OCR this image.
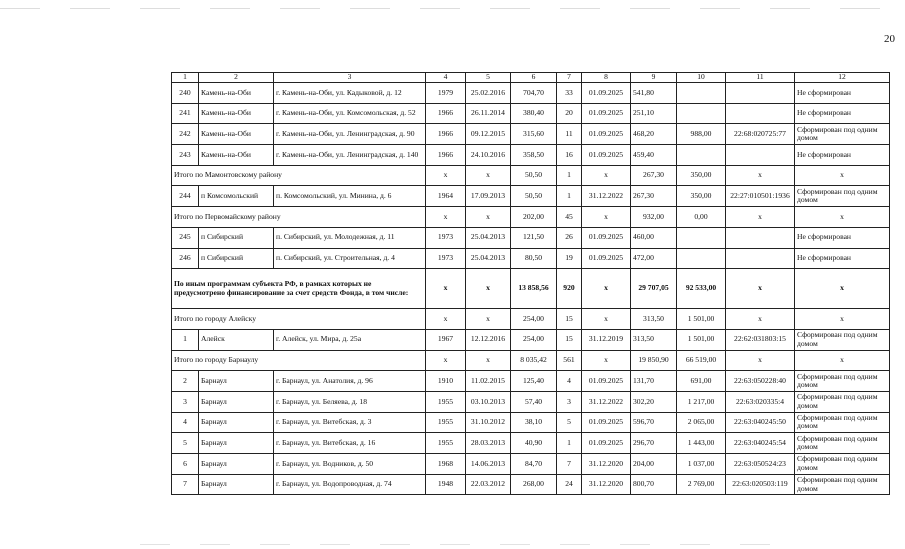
20
1	2	3	4	5	6	7	8	9	10	11	12
240	Камень-на-Оби	г. Камень-на-Оби, ул. Кадыковой, д. 12	1979	25.02.2016	704,70	33	01.09.2025	541,80			Не сформирован
241	Камень-на-Оби	г. Камень-на-Оби, ул. Комсомольская, д. 52	1966	26.11.2014	380,40	20	01.09.2025	251,10			Не сформирован
242	Камень-на-Оби	г. Камень-на-Оби, ул. Ленинградская, д. 90	1966	09.12.2015	315,60	11	01.09.2025	468,20	988,00	22:68:020725:77	Сформирован под одним домом
243	Камень-на-Оби	г. Камень-на-Оби, ул. Ленинградская, д. 140	1966	24.10.2016	358,50	16	01.09.2025	459,40			Не сформирован
Итого по Мамонтовскому району			x	x	50,50	1	x	267,30	350,00	x	x
244	п Комсомольский	п. Комсомольский, ул. Минина, д. 6	1964	17.09.2013	50,50	1	31.12.2022	267,30	350,00	22:27:010501:1936	Сформирован под одним домом
Итого по Первомайскому району			x	x	202,00	45	x	932,00	0,00	x	x
245	п Сибирский	п. Сибирский, ул. Молодежная, д. 11	1973	25.04.2013	121,50	26	01.09.2025	460,00			Не сформирован
246	п Сибирский	п. Сибирский, ул. Строительная, д. 4	1973	25.04.2013	80,50	19	01.09.2025	472,00			Не сформирован
По иным программам субъекта РФ, в рамках которых не предусмотрено финансирование за счет средств Фонда, в том числе:			x	x	13 858,56	920	x	29 707,05	92 533,00	x	x
Итого по городу Алейску			x	x	254,00	15	x	313,50	1 501,00	x	x
1	Алейск	г. Алейск, ул. Мира, д. 25а	1967	12.12.2016	254,00	15	31.12.2019	313,50	1 501,00	22:62:031803:15	Сформирован под одним домом
Итого по городу Барнаулу			x	x	8 035,42	561	x	19 850,90	66 519,00	x	x
2	Барнаул	г. Барнаул, ул. Анатолия, д. 96	1910	11.02.2015	125,40	4	01.09.2025	131,70	691,00	22:63:050228:40	Сформирован под одним домом
3	Барнаул	г. Барнаул, ул. Беляева, д. 18	1955	03.10.2013	57,40	3	31.12.2022	302,20	1 217,00	22:63:020335:4	Сформирован под одним домом
4	Барнаул	г. Барнаул, ул. Витебская, д. 3	1955	31.10.2012	38,10	5	01.09.2025	596,70	2 065,00	22:63:040245:50	Сформирован под одним домом
5	Барнаул	г. Барнаул, ул. Витебская, д. 16	1955	28.03.2013	40,90	1	01.09.2025	296,70	1 443,00	22:63:040245:54	Сформирован под одним домом
6	Барнаул	г. Барнаул, ул. Водников, д. 50	1968	14.06.2013	84,70	7	31.12.2020	204,00	1 037,00	22:63:050524:23	Сформирован под одним домом
7	Барнаул	г. Барнаул, ул. Водопроводная, д. 74	1948	22.03.2012	268,00	24	31.12.2020	800,70	2 769,00	22:63:020503:119	Сформирован под одним домом
